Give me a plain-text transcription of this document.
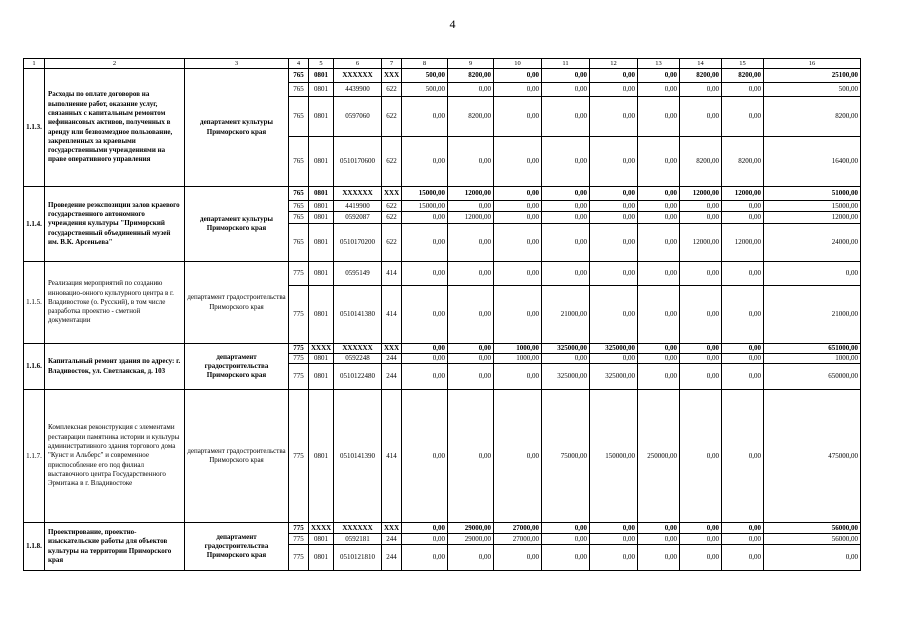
4
1	2	3	4	5	6	7	8	9	10	11	12	13	14	15	16
1.1.3.	Расходы по оплате договоров на выполнение работ, оказание услуг, связанных с капитальным ремонтом нефинансовых активов, полученных в аренду или безвозмездное пользование, закрепленных за краевыми государственными учреждениями на праве оперативного управления	департамент культуры Приморского края	765	0801	XXXXXX	XXX	500,00	8200,00	0,00	0,00	0,00	0,00	8200,00	8200,00	25100,00
			765	0801	4439900	622	500,00	0,00	0,00	0,00	0,00	0,00	0,00	0,00	500,00
			765	0801	0597060	622	0,00	8200,00	0,00	0,00	0,00	0,00	0,00	0,00	8200,00
			765	0801	0510170600	622	0,00	0,00	0,00	0,00	0,00	0,00	8200,00	8200,00	16400,00
1.1.4.	Проведение реэкспозиции залов краевого государственного автономного учреждения культуры "Приморский государственный объединенный музей им. В.К. Арсеньева"	департамент культуры Приморского края	765	0801	XXXXXX	XXX	15000,00	12000,00	0,00	0,00	0,00	0,00	12000,00	12000,00	51000,00
			765	0801	4419900	622	15000,00	0,00	0,00	0,00	0,00	0,00	0,00	0,00	15000,00
			765	0801	0592087	622	0,00	12000,00	0,00	0,00	0,00	0,00	0,00	0,00	12000,00
			765	0801	0510170200	622	0,00	0,00	0,00	0,00	0,00	0,00	12000,00	12000,00	24000,00
1.1.5.	Реализация мероприятий по созданию инновацио-онного культурного центра в г. Владивостоке (о. Русский), в том числе разработка проектно - сметной документации	департамент градостроительства Приморского края	775	0801	0595149	414	0,00	0,00	0,00	0,00	0,00	0,00	0,00	0,00	0,00
			775	0801	0510141380	414	0,00	0,00	0,00	21000,00	0,00	0,00	0,00	0,00	21000,00
1.1.6.	Капитальный ремонт здания по адресу: г. Владивосток, ул. Светланская, д. 103	департамент градостроительства Приморского края	775	XXXX	XXXXXX	XXX	0,00	0,00	1000,00	325000,00	325000,00	0,00	0,00	0,00	651000,00
			775	0801	0592248	244	0,00	0,00	1000,00	0,00	0,00	0,00	0,00	0,00	1000,00
			775	0801	0510122480	244	0,00	0,00	0,00	325000,00	325000,00	0,00	0,00	0,00	650000,00
1.1.7.	Комплексная реконструкция с элементами реставрации памятника истории и культуры административного здания торгового дома "Кунст и Альберс" и современное приспособление его под филиал выставочного центра Государственного Эрмитажа в г. Владивостоке	департамент градостроительства Приморского края	775	0801	0510141390	414	0,00	0,00	0,00	75000,00	150000,00	250000,00	0,00	0,00	475000,00
1.1.8.	Проектирование, проектно-изыскательские работы для объектов культуры на территории Приморского края	департамент градостроительства Приморского края	775	XXXX	XXXXXX	XXX	0,00	29000,00	27000,00	0,00	0,00	0,00	0,00	0,00	56000,00
			775	0801	0592181	244	0,00	29000,00	27000,00	0,00	0,00	0,00	0,00	0,00	56000,00
			775	0801	0510121810	244	0,00	0,00	0,00	0,00	0,00	0,00	0,00	0,00	0,00
